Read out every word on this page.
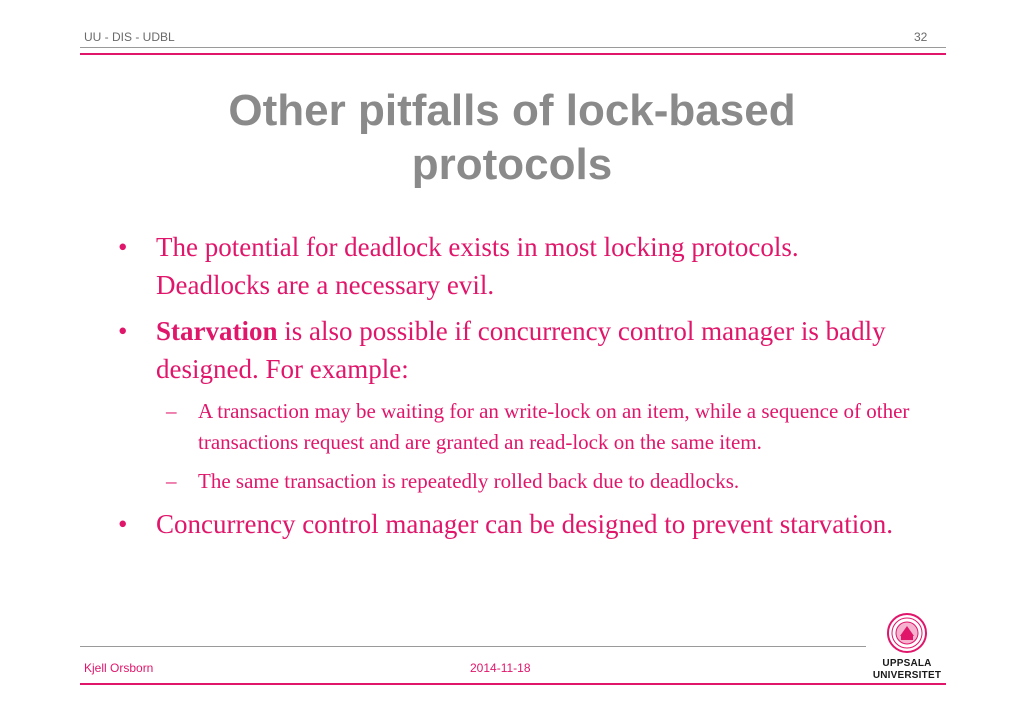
UU - DIS - UDBL	32
Other pitfalls of lock-based
protocols
• The potential for deadlock exists in most locking protocols. Deadlocks are a necessary evil.
• Starvation is also possible if concurrency control manager is badly designed. For example:
– A transaction may be waiting for an write-lock on an item, while a sequence of other transactions request and are granted an read-lock on the same item.
– The same transaction is repeatedly rolled back due to deadlocks.
• Concurrency control manager can be designed to prevent starvation.
Kjell Orsborn	2014-11-18	UPPSALA
UNIVERSITET
